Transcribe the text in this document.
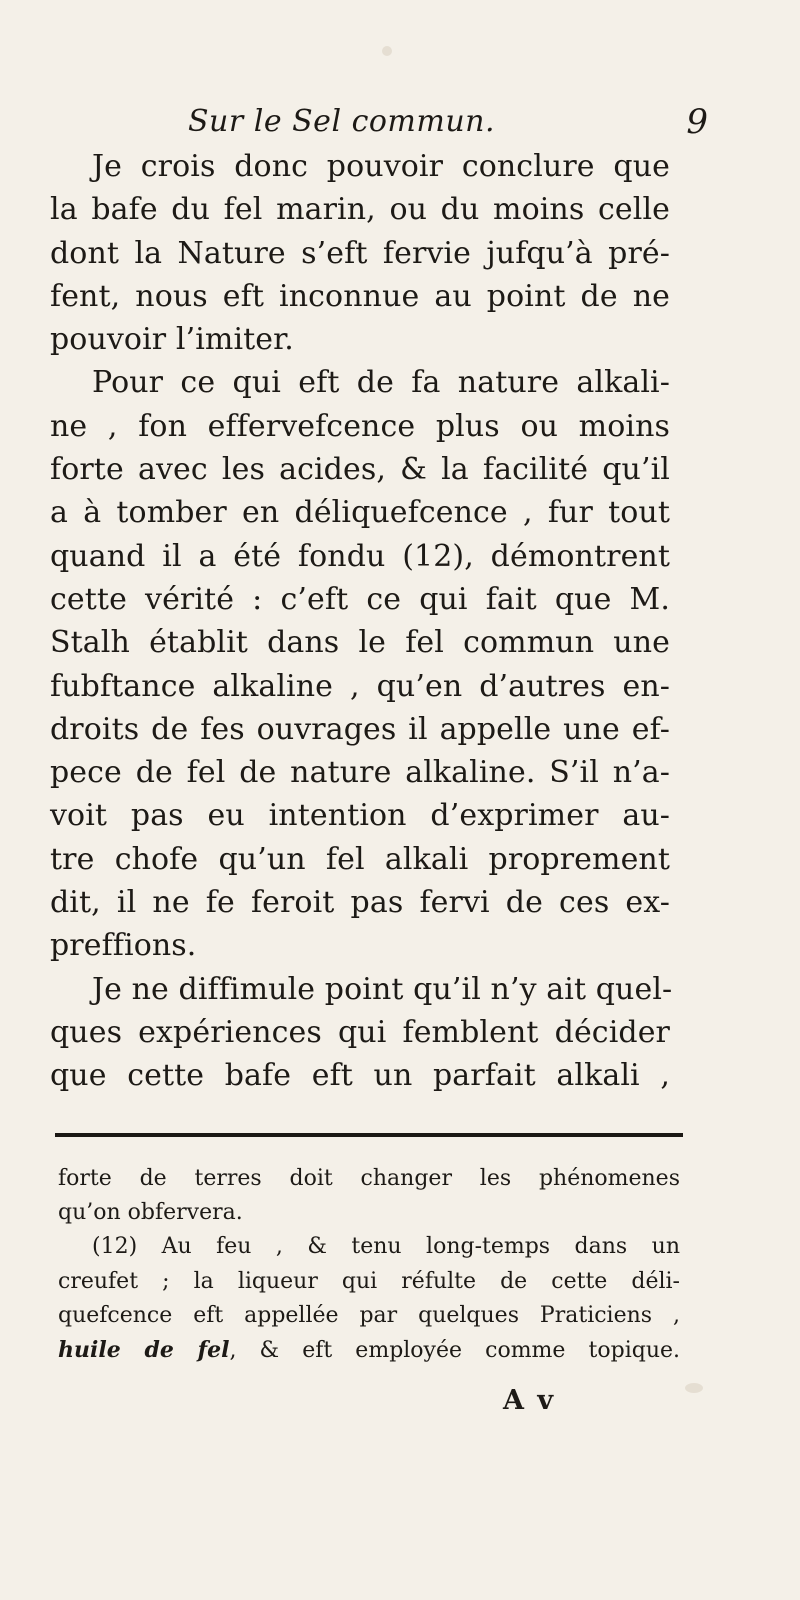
Sur le Sel commun.	9
Je crois donc pouvoir conclure que
la bafe du fel marin, ou du moins celle
dont la Nature s’eft fervie jufqu’à pré-
fent, nous eft inconnue au point de ne
pouvoir l’imiter.
Pour ce qui eft de fa nature alkali-
ne , fon effervefcence plus ou moins
forte avec les acides, & la facilité qu’il
a à tomber en déliquefcence , fur tout
quand il a été fondu (12), démontrent
cette vérité : c’eft ce qui fait que M.
Stalh établit dans le fel commun une
fubftance alkaline , qu’en d’autres en-
droits de fes ouvrages il appelle une ef-
pece de fel de nature alkaline. S’il n’a-
voit pas eu intention d’exprimer au-
tre chofe qu’un fel alkali proprement
dit, il ne fe feroit pas fervi de ces ex-
preffions.
Je ne diffimule point qu’il n’y ait quel-
ques expériences qui femblent décider
que cette bafe eft un parfait alkali ,
forte de terres doit changer les phénomenes
qu’on obfervera.
(12) Au feu , & tenu long-temps dans un
creufet ; la liqueur qui réfulte de cette déli-
quefcence eft appellée par quelques Praticiens ,
huile de fel, & eft employée comme topique.
A v
